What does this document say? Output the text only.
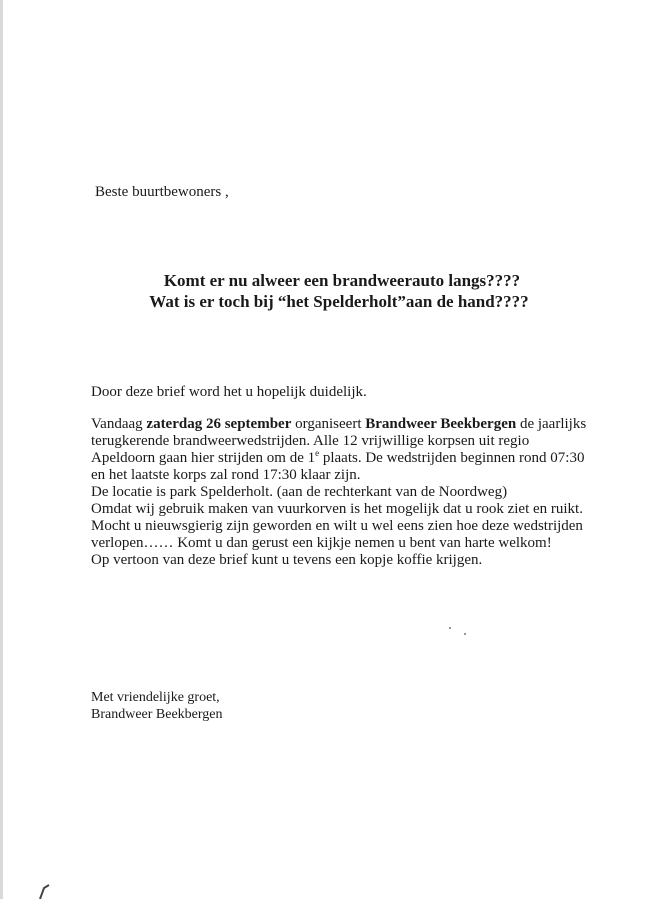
Beste buurtbewoners ,
Komt er nu alweer een brandweerauto langs????
Wat is er toch bij “het Spelderholt”aan de hand????
Door deze brief word het u hopelijk duidelijk.

Vandaag zaterdag 26 september organiseert Brandweer Beekbergen de jaarlijks terugkerende brandweerwedstrijden. Alle 12 vrijwillige korpsen uit regio Apeldoorn gaan hier strijden om de 1e plaats. De wedstrijden beginnen rond 07:30 en het laatste korps zal rond 17:30 klaar zijn.

De locatie is park Spelderholt. (aan de rechterkant van de Noordweg)

Omdat wij gebruik maken van vuurkorven is het mogelijk dat u rook ziet en ruikt.

Mocht u nieuwsgierig zijn geworden en wilt u wel eens zien hoe deze wedstrijden verlopen…… Komt u dan gerust een kijkje nemen u bent van harte welkom!

Op vertoon van deze brief kunt u tevens een kopje koffie krijgen.

Met vriendelijke groet,
Brandweer Beekbergen
